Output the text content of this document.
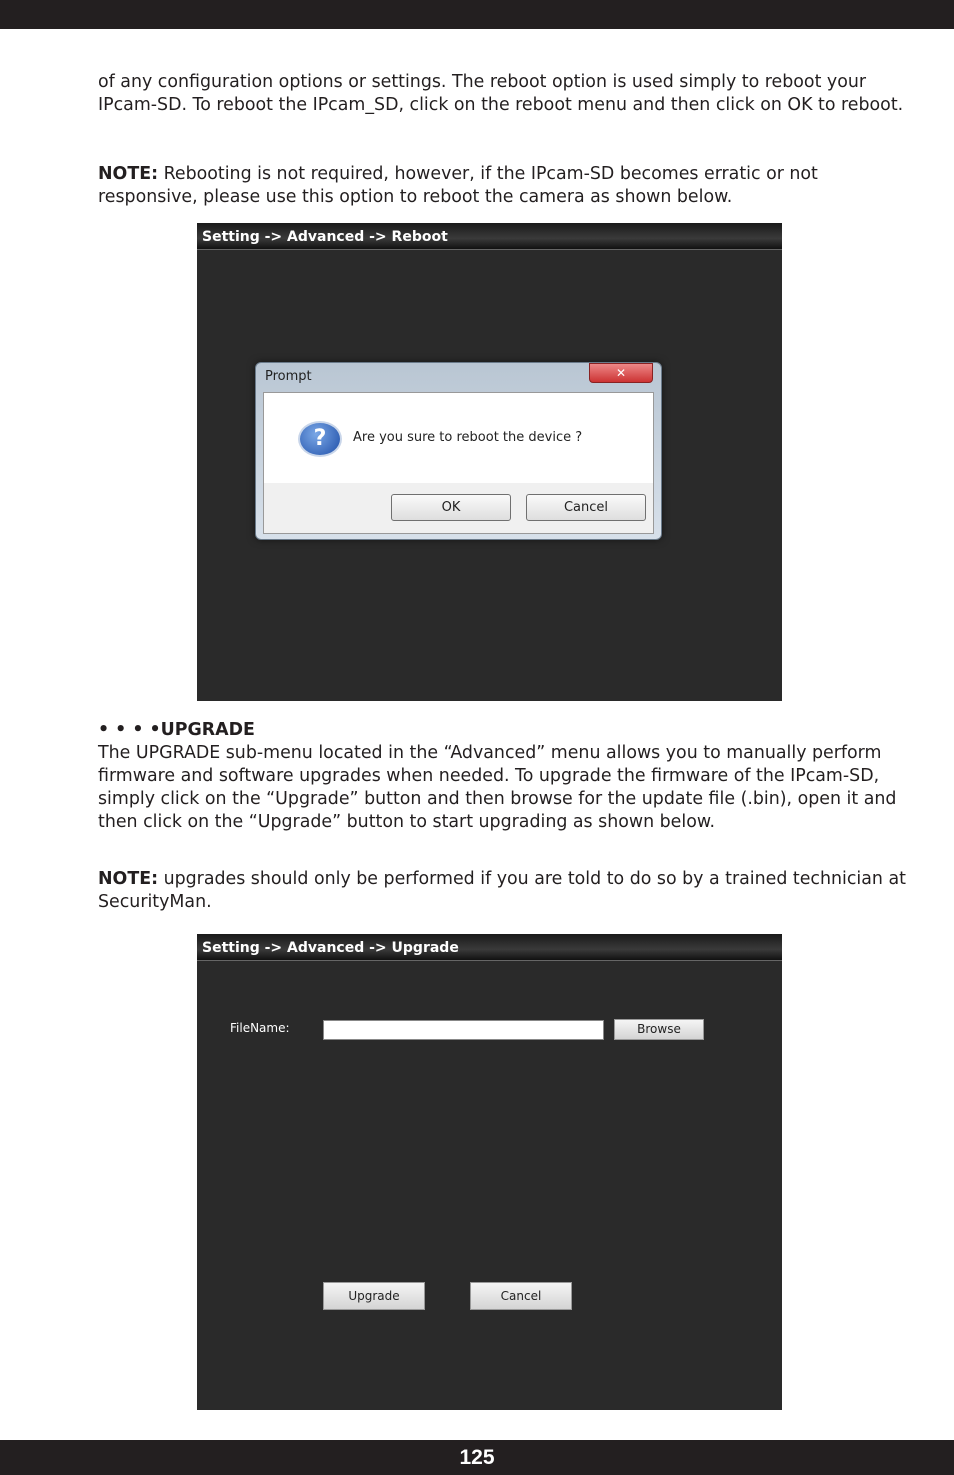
of any configuration options or settings. The reboot option is used simply to reboot your IPcam-SD. To reboot the IPcam_SD, click on the reboot menu and then click on OK to reboot.

NOTE: Rebooting is not required, however, if the IPcam-SD becomes erratic or not responsive, please use this option to reboot the camera as shown below.

Setting -> Advanced -> Reboot
Prompt	✕
?	Are you sure to reboot the device ?
OK	Cancel

• • • •UPGRADE

The UPGRADE sub-menu located in the “Advanced” menu allows you to manually perform firmware and software upgrades when needed. To upgrade the firmware of the IPcam-SD, simply click on the “Upgrade” button and then browse for the update file (.bin), open it and then click on the “Upgrade” button to start upgrading as shown below.

NOTE: upgrades should only be performed if you are told to do so by a trained technician at SecurityMan.

Setting -> Advanced -> Upgrade
FileName:	Browse
Upgrade	Cancel
125
